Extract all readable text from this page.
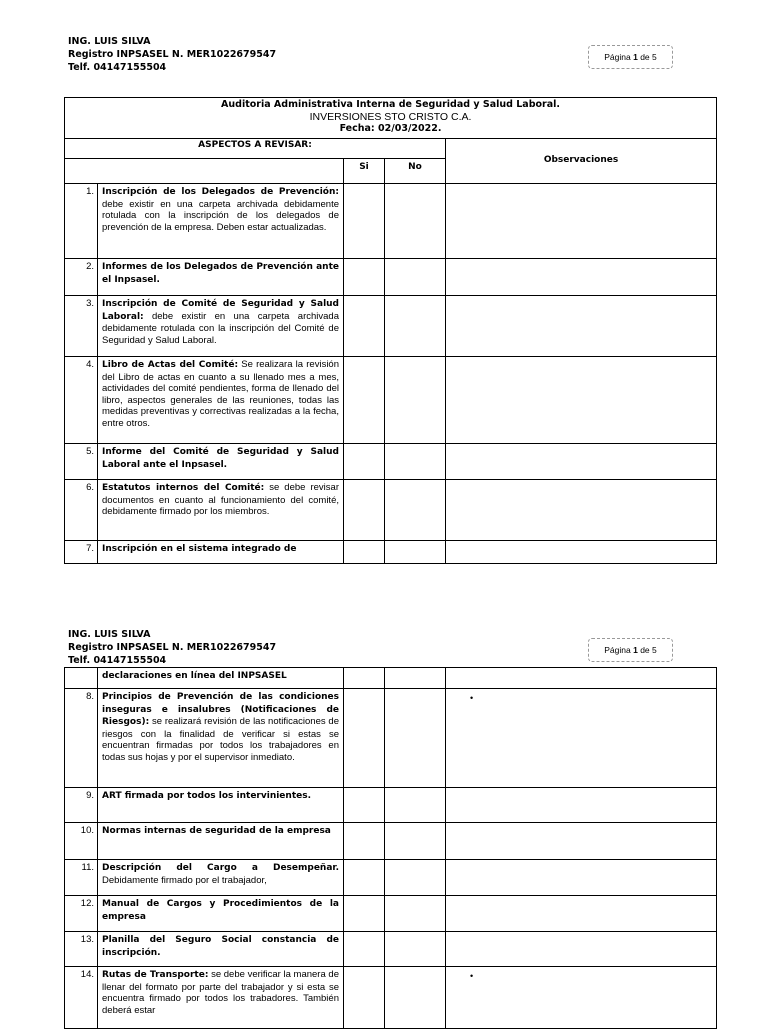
ING. LUIS SILVA
Registro INPSASEL N. MER1022679547
Telf. 04147155504
Página 1 de 5
Auditoria Administrativa Interna de Seguridad y Salud Laboral.
INVERSIONES STO CRISTO C.A.
Fecha: 02/03/2022.				

ASPECTOS A REVISAR:				Observaciones
		Si	No	
1.	Inscripción de los Delegados de Prevención: debe existir en una carpeta archivada debidamente rotulada con la inscripción de los delegados de prevención de la empresa. Deben estar actualizadas.			
2.	Informes de los Delegados de Prevención ante el Inpsasel.			
3.	Inscripción de Comité de Seguridad y Salud Laboral: debe existir en una carpeta archivada debidamente rotulada con la inscripción del Comité de Seguridad y Salud Laboral.			
4.	Libro de Actas del Comité: Se realizara la revisión del Libro de actas en cuanto a su llenado mes a mes, actividades del comité pendientes, forma de llenado del libro, aspectos generales de las reuniones, todas las medidas preventivas y correctivas realizadas a la fecha, entre otros.			
5.	Informe del Comité de Seguridad y Salud Laboral ante el Inpsasel.			
6.	Estatutos internos del Comité: se debe revisar documentos en cuanto al funcionamiento del comité, debidamente firmado por los miembros.			
7.	Inscripción en el sistema integrado de			
ING. LUIS SILVA
Registro INPSASEL N. MER1022679547
Telf. 04147155504
Página 1 de 5
	declaraciones en línea del INPSASEL			
8.	Principios de Prevención de las condiciones inseguras e insalubres (Notificaciones de Riesgos): se realizará revisión de las notificaciones de riesgos con la finalidad de verificar si estas se encuentran firmadas por todos los trabajadores en todas sus hojas y por el supervisor inmediato.			•

9.	ART firmada por todos los intervinientes.			
10.	Normas internas de seguridad de la empresa			
11.	Descripción del Cargo a Desempeñar. Debidamente firmado por el trabajador,			
12.	Manual de Cargos y Procedimientos de la empresa			
13.	Planilla del Seguro Social constancia de inscripción.			
14.	Rutas de Transporte: se debe verificar la manera de llenar del formato por parte del trabajador y si esta se encuentra firmado por todos los trabadores. También deberá estar			•
